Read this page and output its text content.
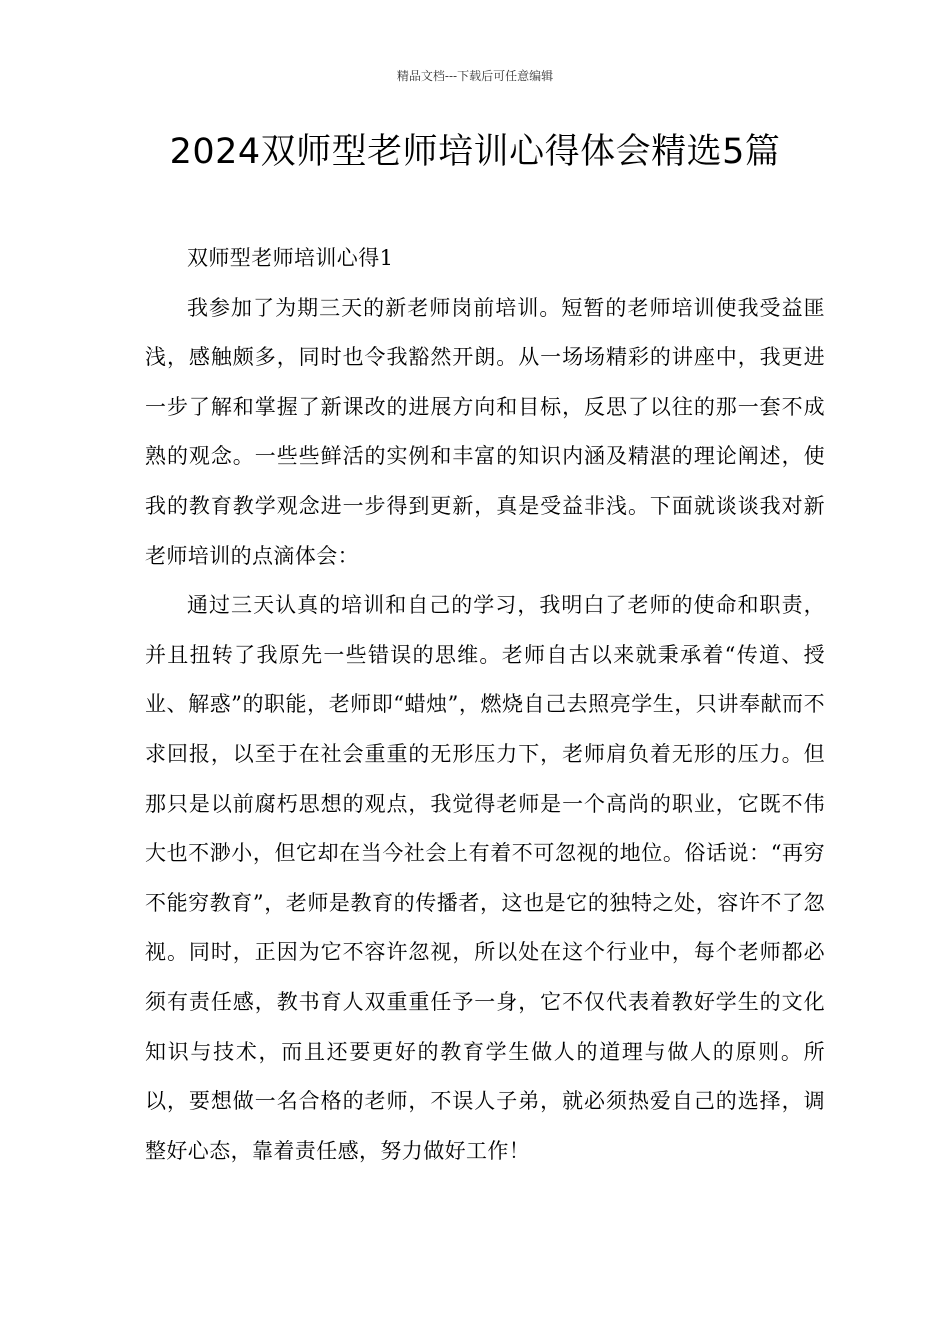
精品文档---下载后可任意编辑
2024双师型老师培训心得体会精选5篇

双师型老师培训心得1

我参加了为期三天的新老师岗前培训。短暂的老师培训使我受益匪浅，感触颇多，同时也令我豁然开朗。从一场场精彩的讲座中，我更进一步了解和掌握了新课改的进展方向和目标，反思了以往的那一套不成熟的观念。一些些鲜活的实例和丰富的知识内涵及精湛的理论阐述，使我的教育教学观念进一步得到更新，真是受益非浅。下面就谈谈我对新老师培训的点滴体会：

通过三天认真的培训和自己的学习，我明白了老师的使命和职责，并且扭转了我原先一些错误的思维。老师自古以来就秉承着“传道、授业、解惑”的职能，老师即“蜡烛”，燃烧自己去照亮学生，只讲奉献而不求回报，以至于在社会重重的无形压力下，老师肩负着无形的压力。但那只是以前腐朽思想的观点，我觉得老师是一个高尚的职业，它既不伟大也不渺小，但它却在当今社会上有着不可忽视的地位。俗话说：“再穷不能穷教育”，老师是教育的传播者，这也是它的独特之处，容许不了忽视。同时，正因为它不容许忽视，所以处在这个行业中，每个老师都必须有责任感，教书育人双重重任予一身，它不仅代表着教好学生的文化知识与技术，而且还要更好的教育学生做人的道理与做人的原则。所以，要想做一名合格的老师，不误人子弟，就必须热爱自己的选择，调整好心态，靠着责任感，努力做好工作！
